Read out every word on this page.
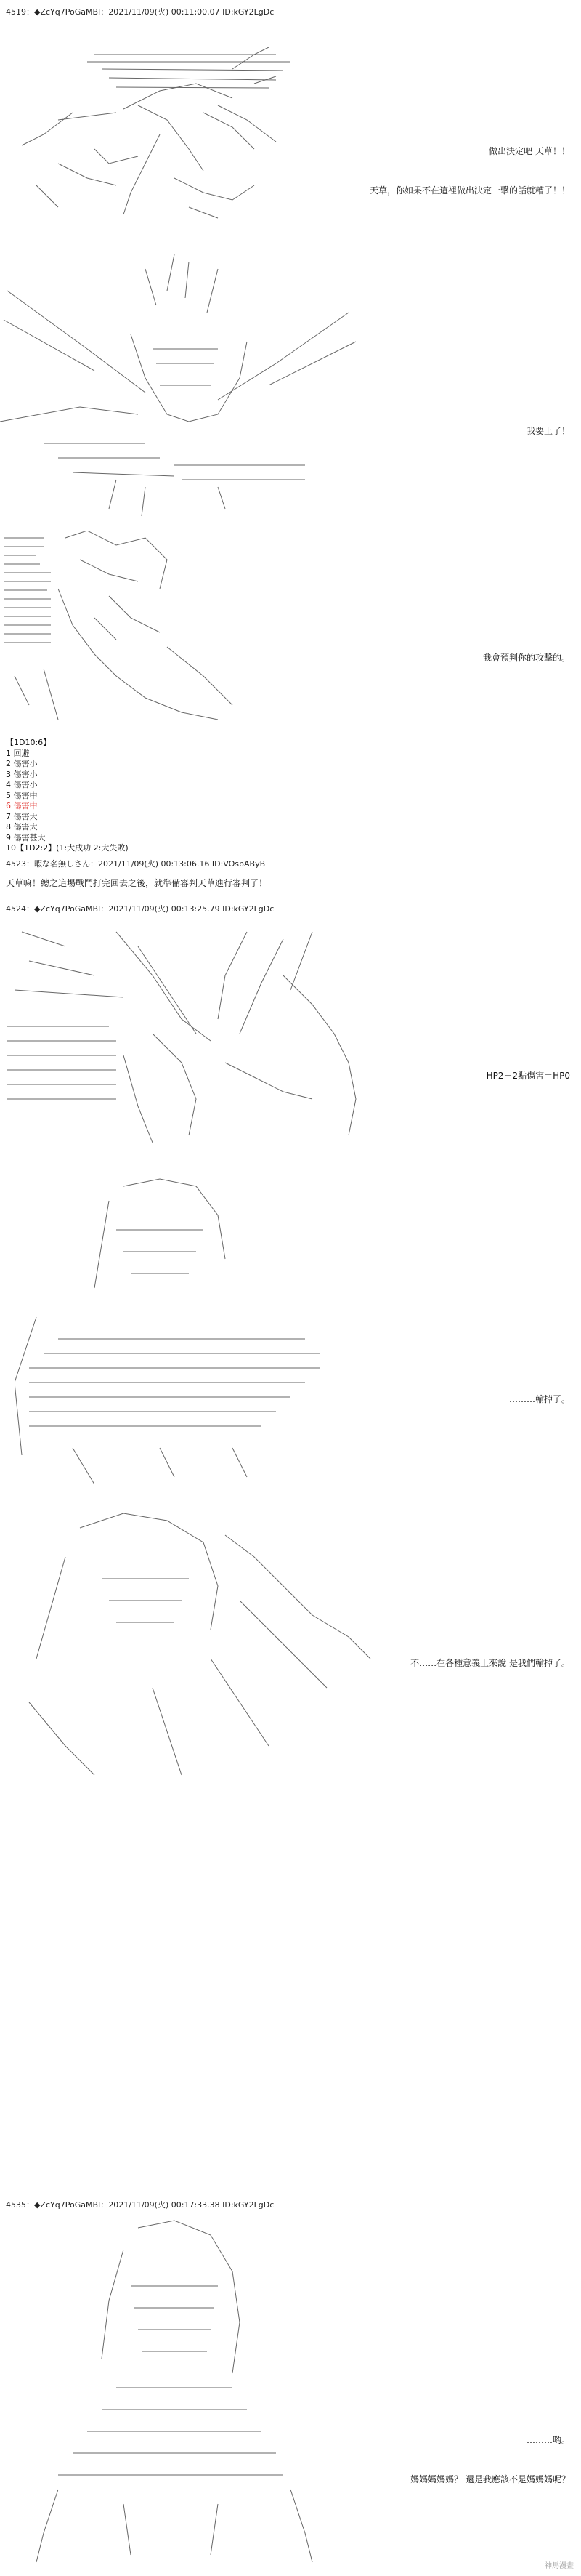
4519：◆ZcYq7PoGaMBI：2021/11/09(火) 00:11:00.07 ID:kGY2LgDc

做出決定吧 天草！！

天草，你如果不在這裡做出決定一擊的話就糟了！！

我要上了！

我會預判你的攻擊的。

【1D10:6】
1 回避
2 傷害小
3 傷害小
4 傷害小
5 傷害中
6 傷害中
7 傷害大
8 傷害大
9 傷害甚大
10【1D2:2】(1:大成功 2:大失敗)
4523：暇な名無しさん：2021/11/09(火) 00:13:06.16 ID:VOsbAByB
天草嘛！總之這場戰鬥打完回去之後，就準備審判天草進行審判了！
4524：◆ZcYq7PoGaMBI：2021/11/09(火) 00:13:25.79 ID:kGY2LgDc

HP2－2點傷害＝HP0

………輸掉了。

不……在各種意義上來說 是我們輸掉了。

4535：◆ZcYq7PoGaMBI：2021/11/09(火) 00:17:33.38 ID:kGY2LgDc

………哟。

媽媽媽媽媽？ 還是我應該不是媽媽媽呢？

神馬漫畫
